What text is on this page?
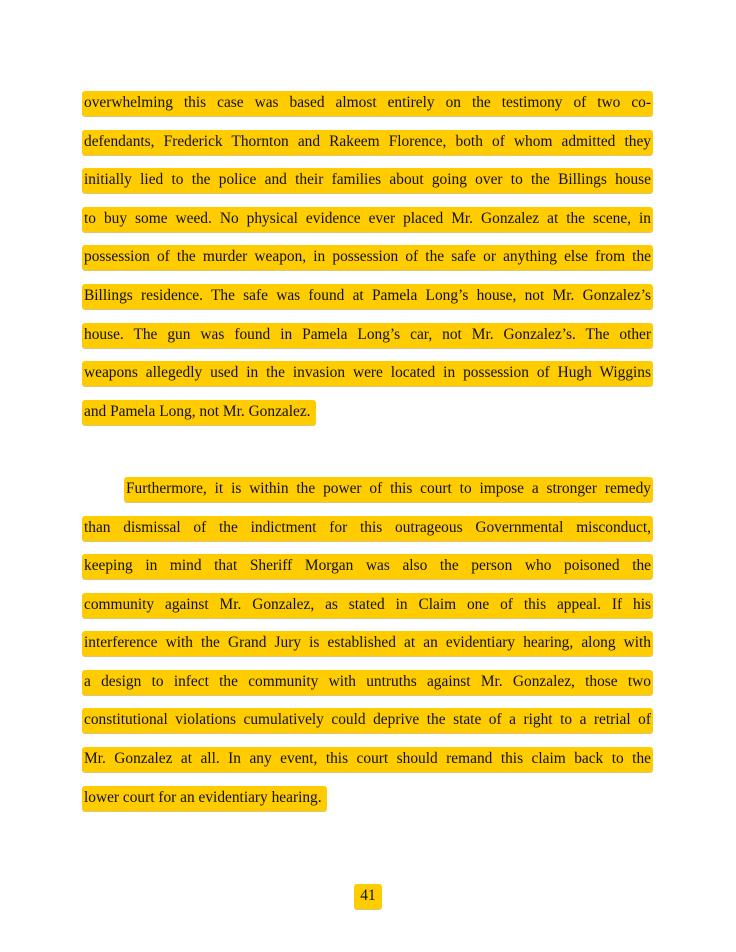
overwhelming this case was based almost entirely on the testimony of two co-
defendants, Frederick Thornton and Rakeem Florence, both of whom admitted they
initially lied to the police and their families about going over to the Billings house
to buy some weed. No physical evidence ever placed Mr. Gonzalez at the scene, in
possession of the murder weapon, in possession of the safe or anything else from the
Billings residence. The safe was found at Pamela Long’s house, not Mr. Gonzalez’s
house. The gun was found in Pamela Long’s car, not Mr. Gonzalez’s. The other
weapons allegedly used in the invasion were located in possession of Hugh Wiggins
and Pamela Long, not Mr. Gonzalez.
Furthermore, it is within the power of this court to impose a stronger remedy
than dismissal of the indictment for this outrageous Governmental misconduct,
keeping in mind that Sheriff Morgan was also the person who poisoned the
community against Mr. Gonzalez, as stated in Claim one of this appeal. If his
interference with the Grand Jury is established at an evidentiary hearing, along with
a design to infect the community with untruths against Mr. Gonzalez, those two
constitutional violations cumulatively could deprive the state of a right to a retrial of
Mr. Gonzalez at all. In any event, this court should remand this claim back to the
lower court for an evidentiary hearing.
41
